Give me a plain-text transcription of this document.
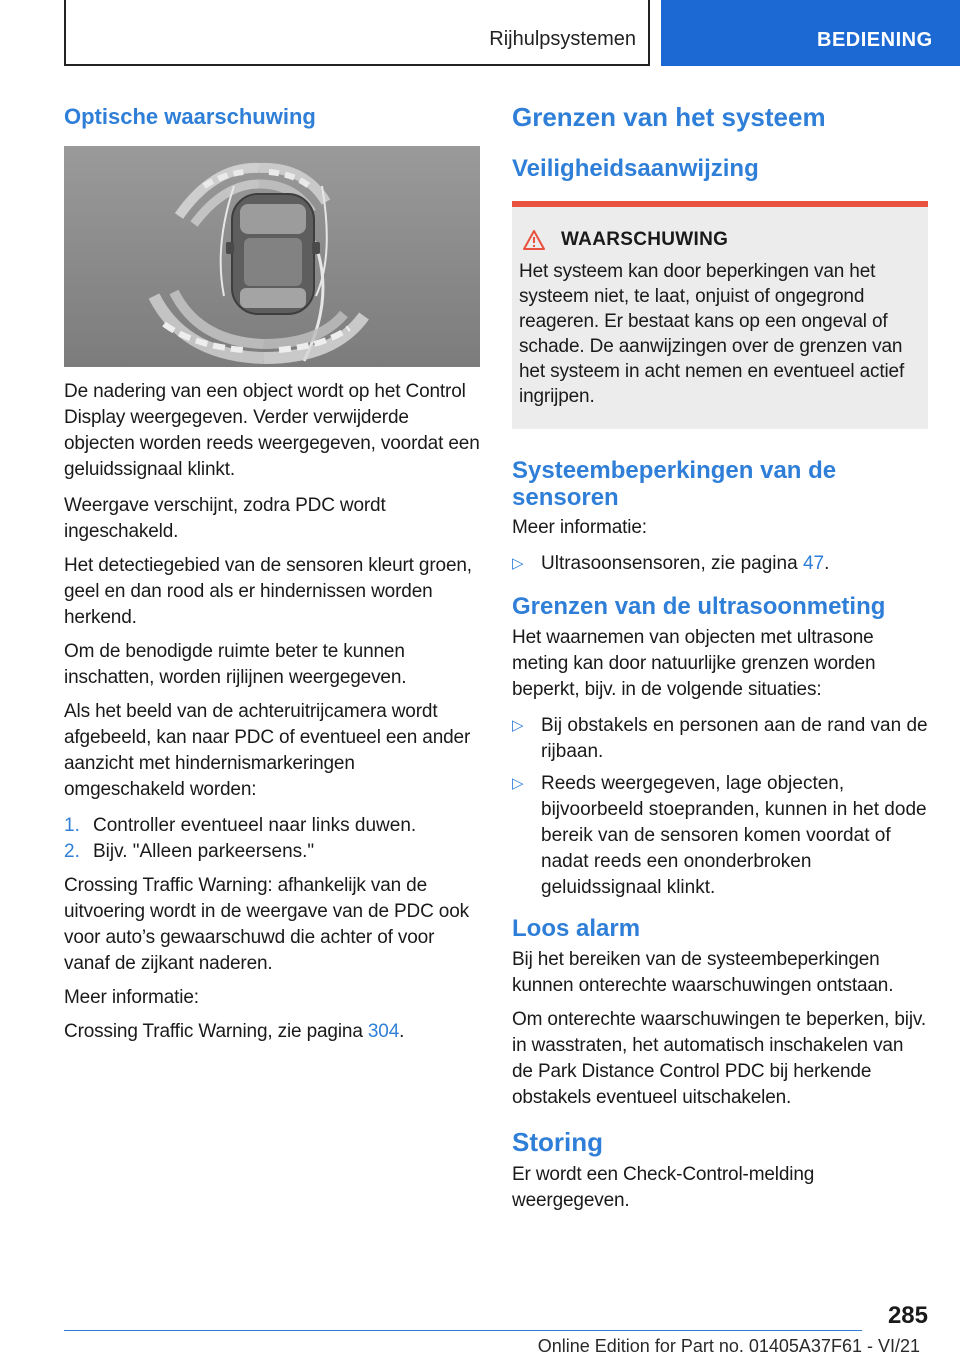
Rijhulpsystemen	BEDIENING
Optische waarschuwing

De nadering van een object wordt op het Control Display weergegeven. Verder verwijderde objecten worden reeds weergegeven, voordat een geluidssignaal klinkt.

Weergave verschijnt, zodra PDC wordt ingeschakeld.

Het detectiegebied van de sensoren kleurt groen, geel en dan rood als er hindernissen worden herkend.

Om de benodigde ruimte beter te kunnen inschatten, worden rijlijnen weergegeven.

Als het beeld van de achteruitrijcamera wordt afgebeeld, kan naar PDC of eventueel een ander aanzicht met hindernismarkeringen omgeschakeld worden:

1. Controller eventueel naar links duwen.
2. Bijv. "Alleen parkeersens."

Crossing Traffic Warning: afhankelijk van de uitvoering wordt in de weergave van de PDC ook voor auto’s gewaarschuwd die achter of voor vanaf de zijkant naderen.

Meer informatie:

Crossing Traffic Warning, zie pagina 304.

Grenzen van het systeem
Veiligheidsaanwijzing
WAARSCHUWING

Het systeem kan door beperkingen van het systeem niet, te laat, onjuist of ongegrond reageren. Er bestaat kans op een ongeval of schade. De aanwijzingen over de grenzen van het systeem in acht nemen en eventueel actief ingrijpen.

Systeembeperkingen van de sensoren

Meer informatie:

▷ Ultrasoonsensoren, zie pagina 47.
Grenzen van de ultrasoonmeting

Het waarnemen van objecten met ultrasone meting kan door natuurlijke grenzen worden beperkt, bijv. in de volgende situaties:

▷ Bij obstakels en personen aan de rand van de rijbaan.
▷ Reeds weergegeven, lage objecten, bijvoorbeeld stoepranden, kunnen in het dode bereik van de sensoren komen voordat of nadat reeds een ononderbroken geluidssignaal klinkt.
Loos alarm

Bij het bereiken van de systeembeperkingen kunnen onterechte waarschuwingen ontstaan.

Om onterechte waarschuwingen te beperken, bijv. in wasstraten, het automatisch inschakelen van de Park Distance Control PDC bij herkende obstakels eventueel uitschakelen.

Storing

Er wordt een Check-Control-melding weergegeven.

285
Online Edition for Part no. 01405A37F61 - VI/21
